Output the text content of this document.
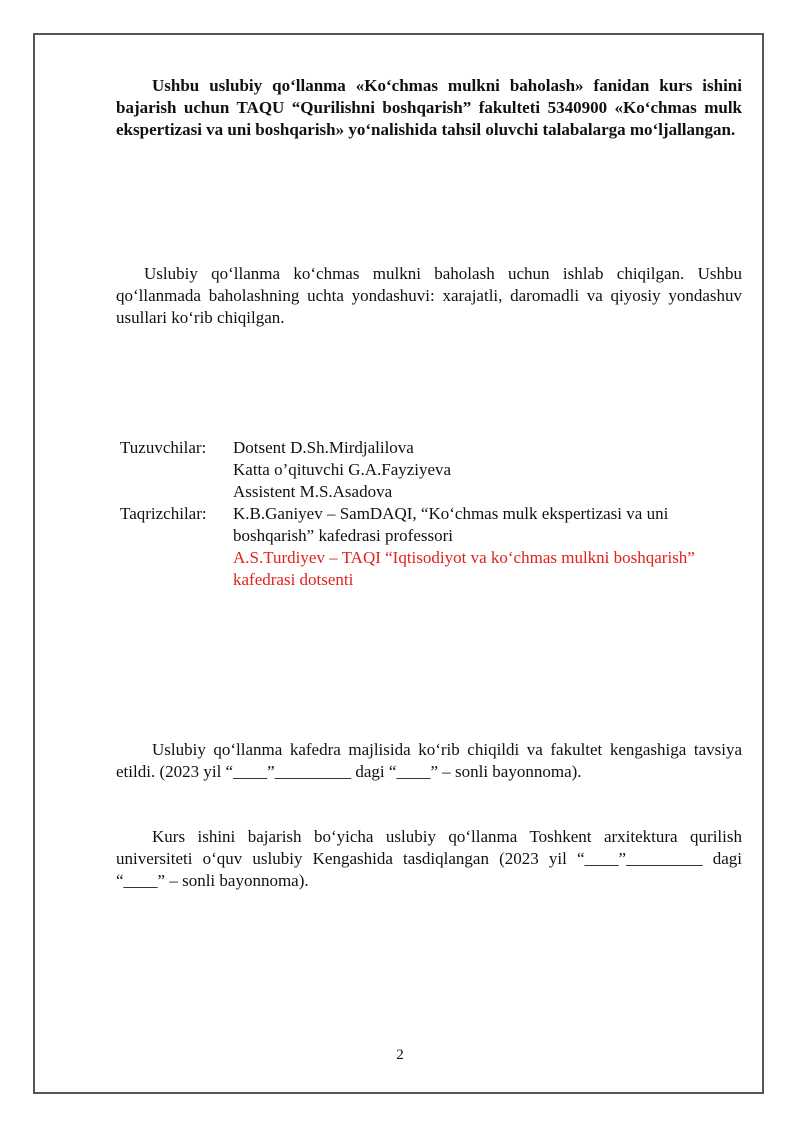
Ushbu uslubiy qo‘llanma «Ko‘chmas mulkni baholash» fanidan kurs ishini bajarish uchun TAQU “Qurilishni boshqarish” fakulteti 5340900 «Ko‘chmas mulk ekspertizasi va uni boshqarish» yo‘nalishida tahsil oluvchi talabalarga mo‘ljallangan.

Uslubiy qo‘llanma ko‘chmas mulkni baholash uchun ishlab chiqilgan. Ushbu qo‘llanmada baholashning uchta yondashuvi: xarajatli, daromadli va qiyosiy yondashuv usullari ko‘rib chiqilgan.

Tuzuvchilar:	Dotsent D.Sh.Mirdjalilova
Katta o’qituvchi G.A.Fayziyeva
Assistent M.S.Asadova
Taqrizchilar:	K.B.Ganiyev – SamDAQI, “Ko‘chmas mulk ekspertizasi va uni boshqarish” kafedrasi professori
A.S.Turdiyev – TAQI “Iqtisodiyot va ko‘chmas mulkni boshqarish” kafedrasi dotsenti

Uslubiy qo‘llanma kafedra majlisida ko‘rib chiqildi va fakultet kengashiga tavsiya etildi. (2023 yil “____”_________ dagi “____” – sonli bayonnoma).

Kurs ishini bajarish bo‘yicha uslubiy qo‘llanma Toshkent arxitektura qurilish universiteti o‘quv uslubiy Kengashida tasdiqlangan (2023 yil “____”_________ dagi “____” – sonli bayonnoma).

2
